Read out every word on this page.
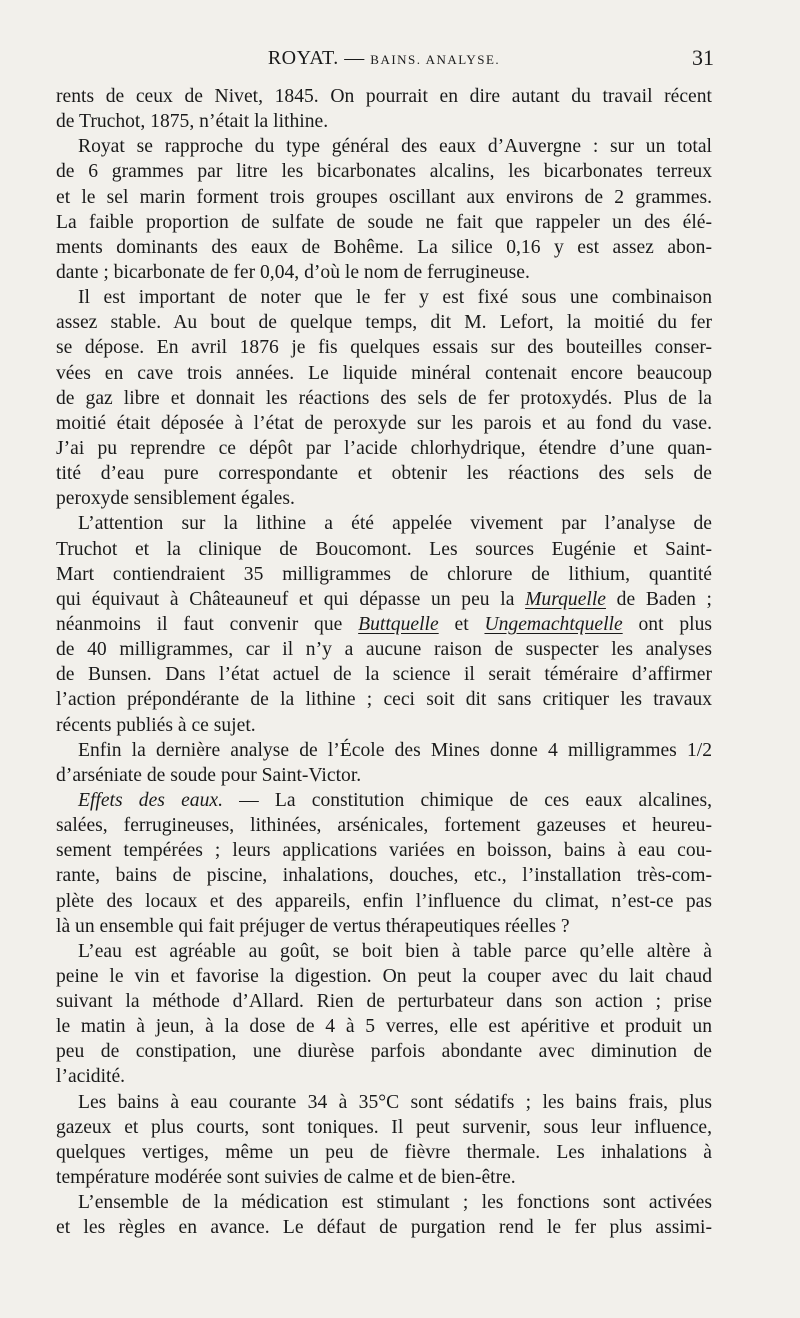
ROYAT. — BAINS. ANALYSE.	31
rents de ceux de Nivet, 1845. On pourrait en dire autant du travail récent
de Truchot, 1875, n’était la lithine.
Royat se rapproche du type général des eaux d’Auvergne : sur un total
de 6 grammes par litre les bicarbonates alcalins, les bicarbonates terreux
et le sel marin forment trois groupes oscillant aux environs de 2 grammes.
La faible proportion de sulfate de soude ne fait que rappeler un des élé-
ments dominants des eaux de Bohême. La silice 0,16 y est assez abon-
dante ; bicarbonate de fer 0,04, d’où le nom de ferrugineuse.
Il est important de noter que le fer y est fixé sous une combinaison
assez stable. Au bout de quelque temps, dit M. Lefort, la moitié du fer
se dépose. En avril 1876 je fis quelques essais sur des bouteilles conser-
vées en cave trois années. Le liquide minéral contenait encore beaucoup
de gaz libre et donnait les réactions des sels de fer protoxydés. Plus de la
moitié était déposée à l’état de peroxyde sur les parois et au fond du vase.
J’ai pu reprendre ce dépôt par l’acide chlorhydrique, étendre d’une quan-
tité d’eau pure correspondante et obtenir les réactions des sels de
peroxyde sensiblement égales.
L’attention sur la lithine a été appelée vivement par l’analyse de
Truchot et la clinique de Boucomont. Les sources Eugénie et Saint-
Mart contiendraient 35 milligrammes de chlorure de lithium, quantité
qui équivaut à Châteauneuf et qui dépasse un peu la Murquelle de Baden ;
néanmoins il faut convenir que Buttquelle et Ungemachtquelle ont plus
de 40 milligrammes, car il n’y a aucune raison de suspecter les analyses
de Bunsen. Dans l’état actuel de la science il serait téméraire d’affirmer
l’action prépondérante de la lithine ; ceci soit dit sans critiquer les travaux
récents publiés à ce sujet.
Enfin la dernière analyse de l’École des Mines donne 4 milligrammes 1/2
d’arséniate de soude pour Saint-Victor.
Effets des eaux. — La constitution chimique de ces eaux alcalines,
salées, ferrugineuses, lithinées, arsénicales, fortement gazeuses et heureu-
sement tempérées ; leurs applications variées en boisson, bains à eau cou-
rante, bains de piscine, inhalations, douches, etc., l’installation très-com-
plète des locaux et des appareils, enfin l’influence du climat, n’est-ce pas
là un ensemble qui fait préjuger de vertus thérapeutiques réelles ?
L’eau est agréable au goût, se boit bien à table parce qu’elle altère à
peine le vin et favorise la digestion. On peut la couper avec du lait chaud
suivant la méthode d’Allard. Rien de perturbateur dans son action ; prise
le matin à jeun, à la dose de 4 à 5 verres, elle est apéritive et produit un
peu de constipation, une diurèse parfois abondante avec diminution de
l’acidité.
Les bains à eau courante 34 à 35°C sont sédatifs ; les bains frais, plus
gazeux et plus courts, sont toniques. Il peut survenir, sous leur influence,
quelques vertiges, même un peu de fièvre thermale. Les inhalations à
température modérée sont suivies de calme et de bien-être.
L’ensemble de la médication est stimulant ; les fonctions sont activées
et les règles en avance. Le défaut de purgation rend le fer plus assimi-
